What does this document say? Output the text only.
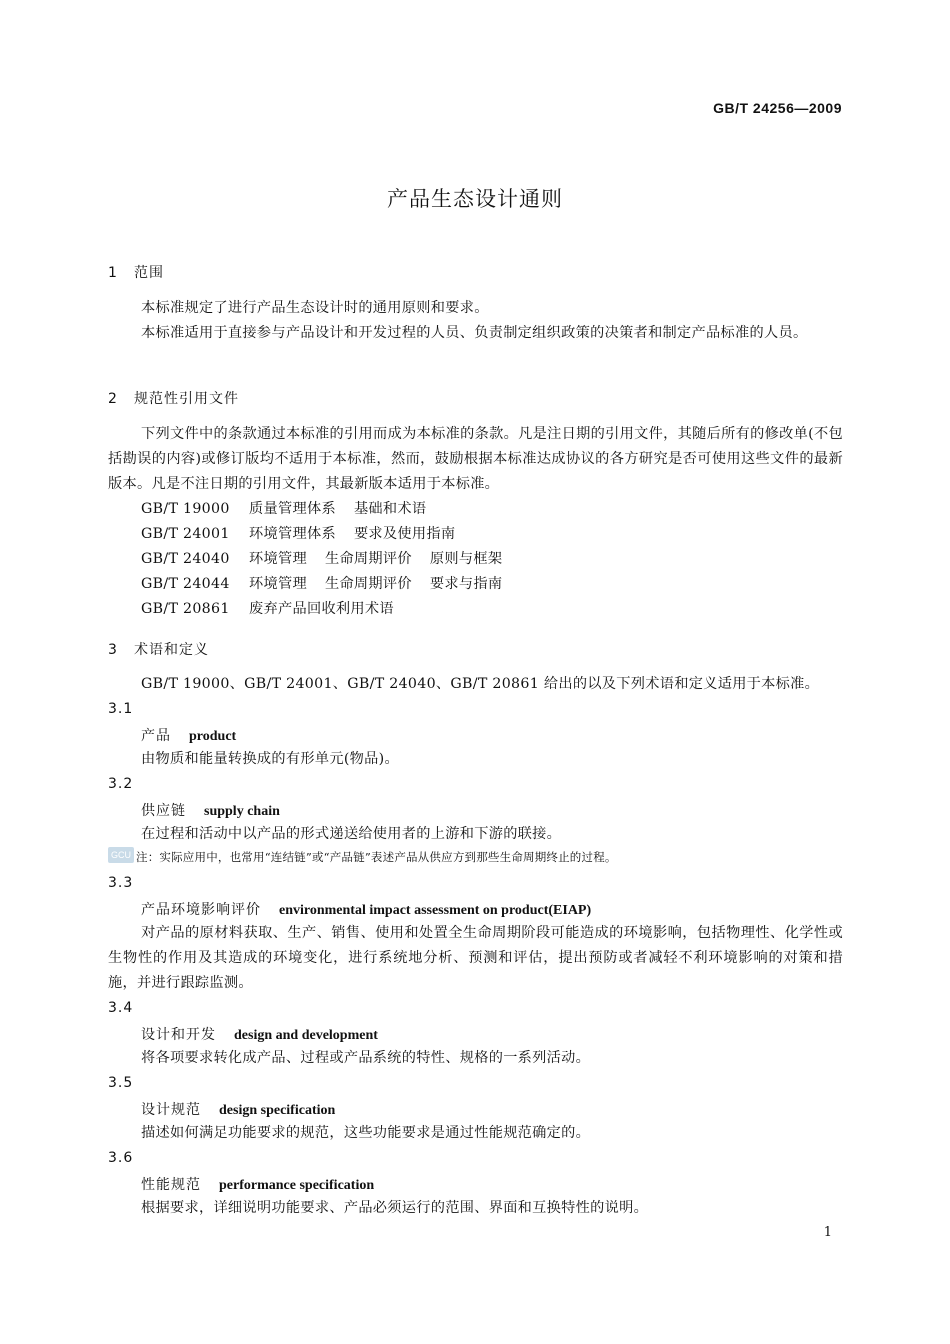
GB/T 24256—2009
产品生态设计通则
1 范围
本标准规定了进行产品生态设计时的通用原则和要求。
本标准适用于直接参与产品设计和开发过程的人员、负责制定组织政策的决策者和制定产品标准的人员。
2 规范性引用文件
下列文件中的条款通过本标准的引用而成为本标准的条款。凡是注日期的引用文件，其随后所有的修改单(不包括勘误的内容)或修订版均不适用于本标准，然而，鼓励根据本标准达成协议的各方研究是否可使用这些文件的最新版本。凡是不注日期的引用文件，其最新版本适用于本标准。
GB/T 19000 质量管理体系 基础和术语
GB/T 24001 环境管理体系 要求及使用指南
GB/T 24040 环境管理 生命周期评价 原则与框架
GB/T 24044 环境管理 生命周期评价 要求与指南
GB/T 20861 废弃产品回收利用术语
3 术语和定义
GB/T 19000、GB/T 24001、GB/T 24040、GB/T 20861 给出的以及下列术语和定义适用于本标准。
3.1
产品 product
由物质和能量转换成的有形单元(物品)。
3.2
供应链 supply chain
在过程和活动中以产品的形式递送给使用者的上游和下游的联接。
GCU 注：实际应用中，也常用“连结链”或“产品链”表述产品从供应方到那些生命周期终止的过程。
3.3
产品环境影响评价 environmental impact assessment on product(EIAP)
对产品的原材料获取、生产、销售、使用和处置全生命周期阶段可能造成的环境影响，包括物理性、化学性或生物性的作用及其造成的环境变化，进行系统地分析、预测和评估，提出预防或者减轻不利环境影响的对策和措施，并进行跟踪监测。
3.4
设计和开发 design and development
将各项要求转化成产品、过程或产品系统的特性、规格的一系列活动。
3.5
设计规范 design specification
描述如何满足功能要求的规范，这些功能要求是通过性能规范确定的。
3.6
性能规范 performance specification
根据要求，详细说明功能要求、产品必须运行的范围、界面和互换特性的说明。
1
